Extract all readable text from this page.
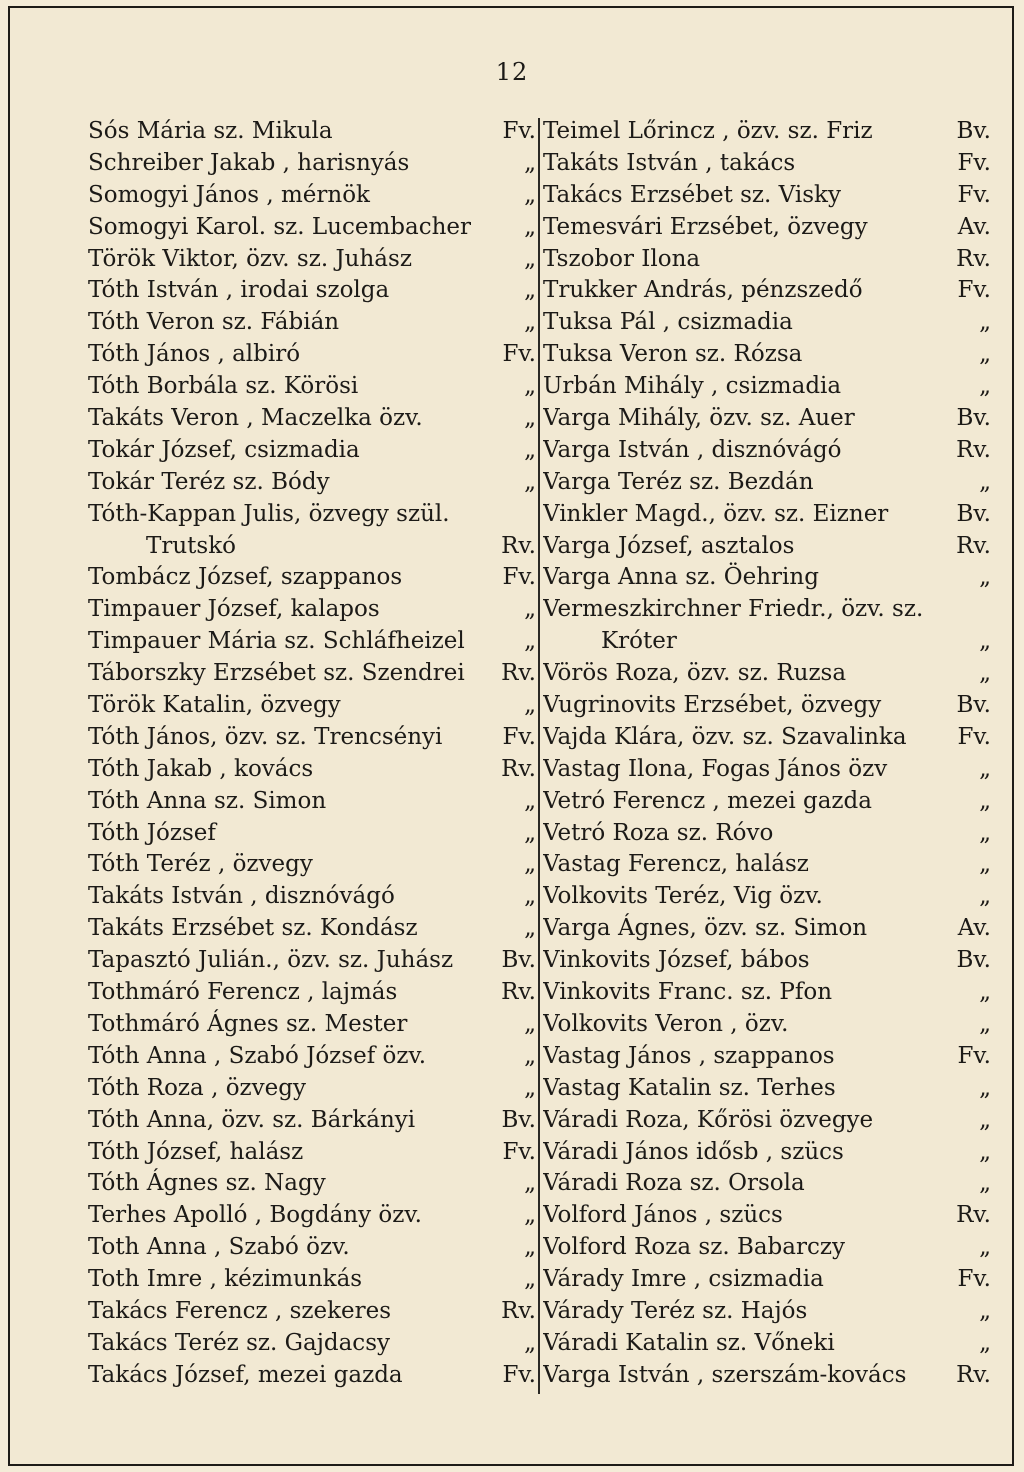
12
Sós Mária sz. Mikula	Fv.
Schreiber Jakab , harisnyás	„
Somogyi János , mérnök	„
Somogyi Karol. sz. Lucembacher	„
Török Viktor, özv. sz. Juhász	„
Tóth István , irodai szolga	„
Tóth Veron sz. Fábián	„
Tóth János , albiró	Fv.
Tóth Borbála sz. Körösi	„
Takáts Veron , Maczelka özv.	„
Tokár József, csizmadia	„
Tokár Teréz sz. Bódy	„
Tóth-Kappan Julis, özvegy szül.
Trutskó	Rv.
Tombácz József, szappanos	Fv.
Timpauer József, kalapos	„
Timpauer Mária sz. Schláfheizel	„
Táborszky Erzsébet sz. Szendrei	Rv.
Török Katalin, özvegy	„
Tóth János, özv. sz. Trencsényi	Fv.
Tóth Jakab , kovács	Rv.
Tóth Anna sz. Simon	„
Tóth József	„
Tóth Teréz , özvegy	„
Takáts István , disznóvágó	„
Takáts Erzsébet sz. Kondász	„
Tapasztó Julián., özv. sz. Juhász	Bv.
Tothmáró Ferencz , lajmás	Rv.
Tothmáró Ágnes sz. Mester	„
Tóth Anna , Szabó József özv.	„
Tóth Roza , özvegy	„
Tóth Anna, özv. sz. Bárkányi	Bv.
Tóth József, halász	Fv.
Tóth Ágnes sz. Nagy	„
Terhes Apolló , Bogdány özv.	„
Toth Anna , Szabó özv.	„
Toth Imre , kézimunkás	„
Takács Ferencz , szekeres	Rv.
Takács Teréz sz. Gajdacsy	„
Takács József, mezei gazda	Fv.
Teimel Lőrincz , özv. sz. Friz	Bv.
Takáts István , takács	Fv.
Takács Erzsébet sz. Visky	Fv.
Temesvári Erzsébet, özvegy	Av.
Tszobor Ilona	Rv.
Trukker András, pénzszedő	Fv.
Tuksa Pál , csizmadia	„
Tuksa Veron sz. Rózsa	„
Urbán Mihály , csizmadia	„
Varga Mihály, özv. sz. Auer	Bv.
Varga István , disznóvágó	Rv.
Varga Teréz sz. Bezdán	„
Vinkler Magd., özv. sz. Eizner	Bv.
Varga József, asztalos	Rv.
Varga Anna sz. Öehring	„
Vermeszkirchner Friedr., özv. sz.
Króter	„
Vörös Roza, özv. sz. Ruzsa	„
Vugrinovits Erzsébet, özvegy	Bv.
Vajda Klára, özv. sz. Szavalinka	Fv.
Vastag Ilona, Fogas János özv	„
Vetró Ferencz , mezei gazda	„
Vetró Roza sz. Róvo	„
Vastag Ferencz, halász	„
Volkovits Teréz, Vig özv.	„
Varga Ágnes, özv. sz. Simon	Av.
Vinkovits József, bábos	Bv.
Vinkovits Franc. sz. Pfon	„
Volkovits Veron , özv.	„
Vastag János , szappanos	Fv.
Vastag Katalin sz. Terhes	„
Váradi Roza, Kőrösi özvegye	„
Váradi János idősb , szücs	„
Váradi Roza sz. Orsola	„
Volford János , szücs	Rv.
Volford Roza sz. Babarczy	„
Várady Imre , csizmadia	Fv.
Várady Teréz sz. Hajós	„
Váradi Katalin sz. Vőneki	„
Varga István , szerszám-kovács	Rv.
